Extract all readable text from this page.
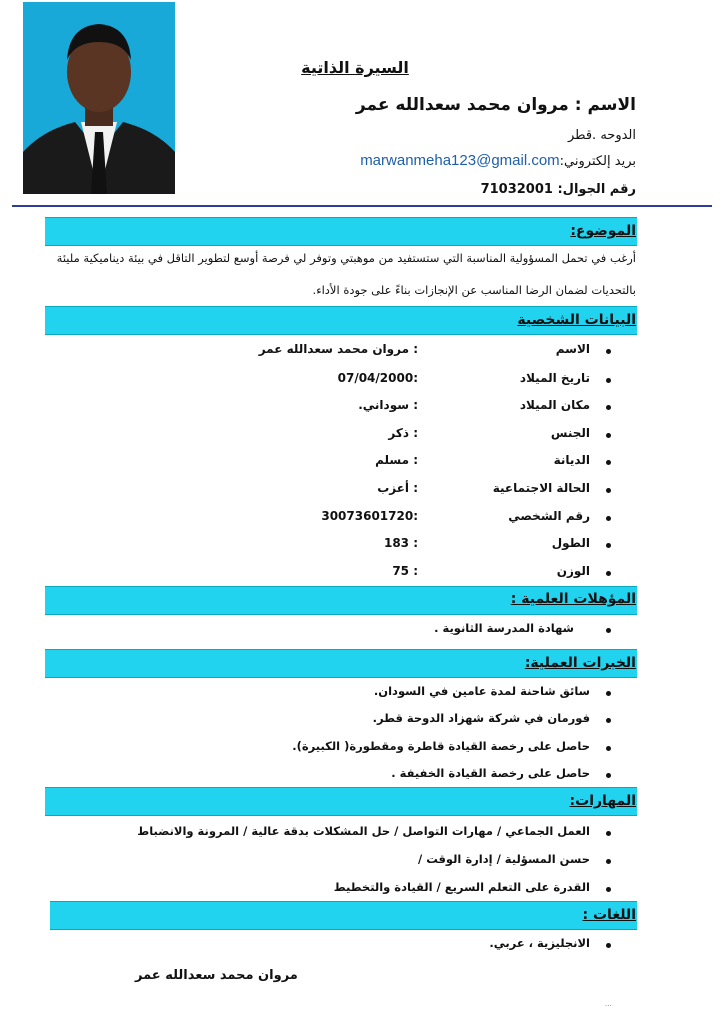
السيرة الذاتية
الاسم : مروان محمد سعدالله عمر
الدوحه .قطر
بريد إلكتروني:marwanmeha123@gmail.com
رقم الجوال: 71032001
الموضوع:
أرغب في تحمل المسؤولية المناسبة التي ستستفيد من موهبتي وتوفر لي فرصة أوسع لتطوير التاقل في بيئة ديناميكية مليئة
بالتحديات لضمان الرضا المناسب عن الإنجازات بناءً على جودة الأداء.
البيانات الشخصية
الاسم
: مروان محمد سعدالله عمر
تاريخ الميلاد
07/04/2000:
مكان الميلاد
: سوداني.
الجنس
: ذكر
الديانة
: مسلم
الحالة الاجتماعية
: أعزب
رقم الشخصي
30073601720:
الطول
183 :
الوزن
75 :
المؤهلات العلمية :
شهادة المدرسة الثانوية .
الخبرات العملية:
سائق شاحنة لمدة عامين في السودان.
فورمان في شركة شهزاد الدوحة قطر.
حاصل على رخصة القيادة قاطرة ومقطورة( الكبيرة).
حاصل على رخصة القيادة الخفيفة .
المهارات:
العمل الجماعي / مهارات التواصل / حل المشكلات بدقة عالية / المرونة والانضباط
حسن المسؤلية / إدارة الوقت /
القدرة على التعلم السريع / القيادة والتخطيط
اللغات :
الانجليزية ، عربي.
مروان محمد سعدالله عمر
...
